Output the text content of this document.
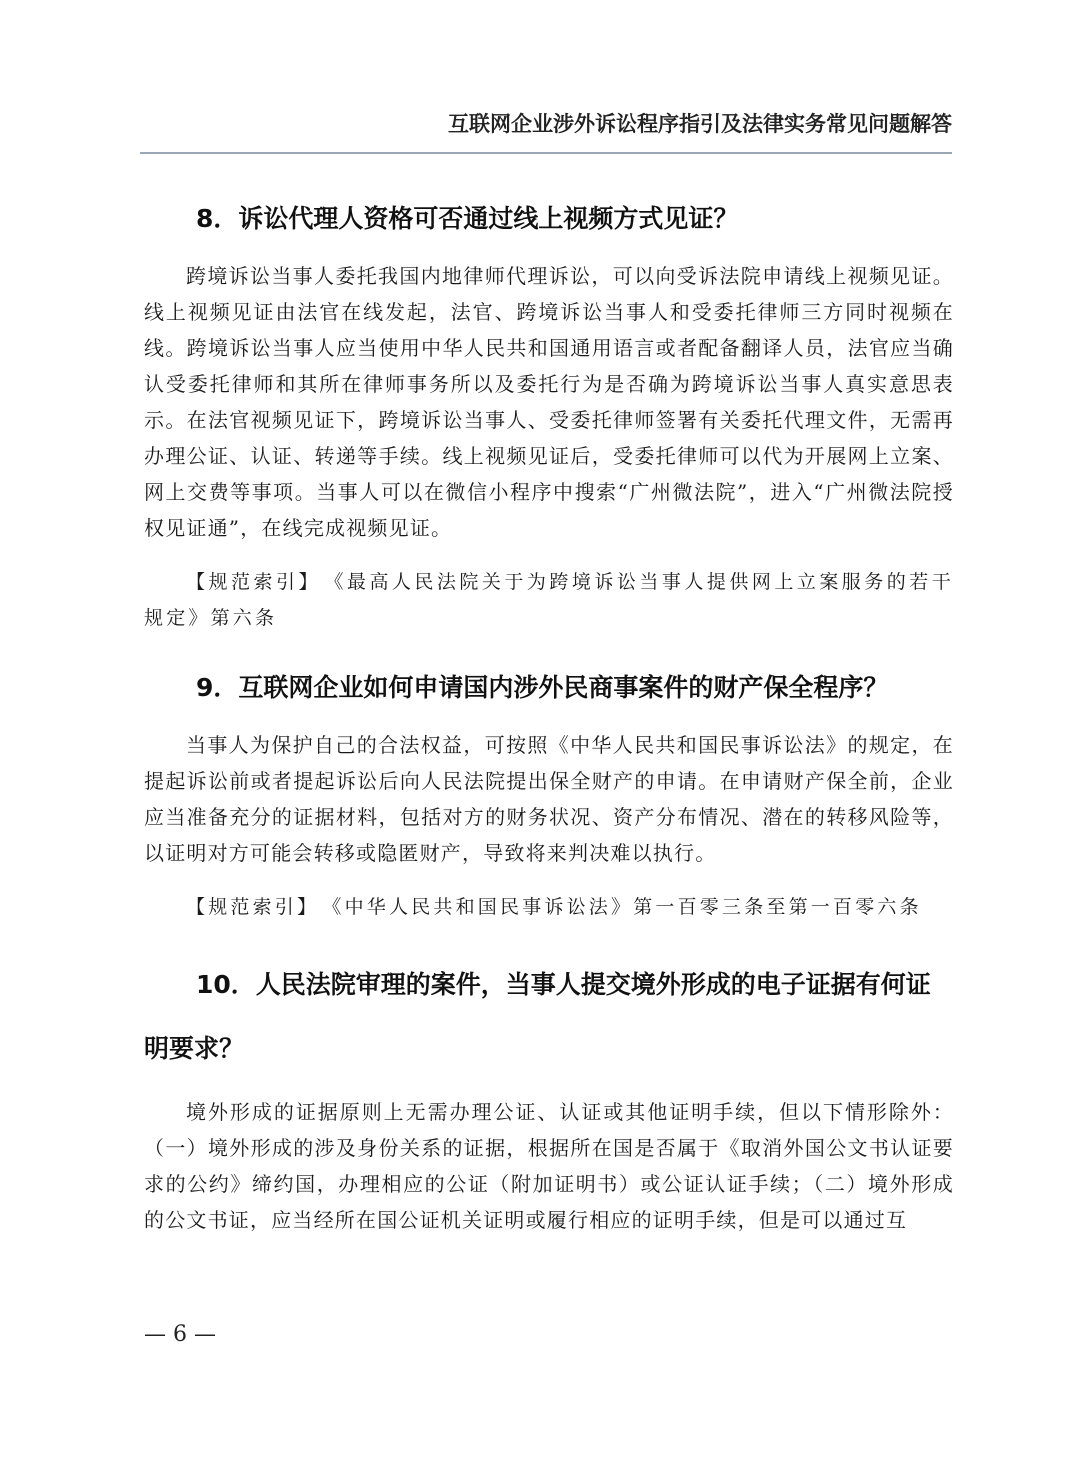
互联网企业涉外诉讼程序指引及法律实务常见问题解答
8．诉讼代理人资格可否通过线上视频方式见证？

跨境诉讼当事人委托我国内地律师代理诉讼，可以向受诉法院申请线上视频见证。线上视频见证由法官在线发起，法官、跨境诉讼当事人和受委托律师三方同时视频在线。跨境诉讼当事人应当使用中华人民共和国通用语言或者配备翻译人员，法官应当确认受委托律师和其所在律师事务所以及委托行为是否确为跨境诉讼当事人真实意思表示。在法官视频见证下，跨境诉讼当事人、受委托律师签署有关委托代理文件，无需再办理公证、认证、转递等手续。线上视频见证后，受委托律师可以代为开展网上立案、网上交费等事项。当事人可以在微信小程序中搜索“广州微法院”，进入“广州微法院授权见证通”，在线完成视频见证。

【规范索引】　《最高人民法院关于为跨境诉讼当事人提供网上立案服务的若干规定》第六条

9．互联网企业如何申请国内涉外民商事案件的财产保全程序？

当事人为保护自己的合法权益，可按照《中华人民共和国民事诉讼法》的规定，在提起诉讼前或者提起诉讼后向人民法院提出保全财产的申请。在申请财产保全前，企业应当准备充分的证据材料，包括对方的财务状况、资产分布情况、潜在的转移风险等，以证明对方可能会转移或隐匿财产，导致将来判决难以执行。

【规范索引】　《中华人民共和国民事诉讼法》第一百零三条至第一百零六条

10．人民法院审理的案件，当事人提交境外形成的电子证据有何证明要求？

境外形成的证据原则上无需办理公证、认证或其他证明手续，但以下情形除外：（一）境外形成的涉及身份关系的证据，根据所在国是否属于《取消外国公文书认证要求的公约》缔约国，办理相应的公证（附加证明书）或公证认证手续；（二）境外形成的公文书证，应当经所在国公证机关证明或履行相应的证明手续，但是可以通过互

— 6 —
